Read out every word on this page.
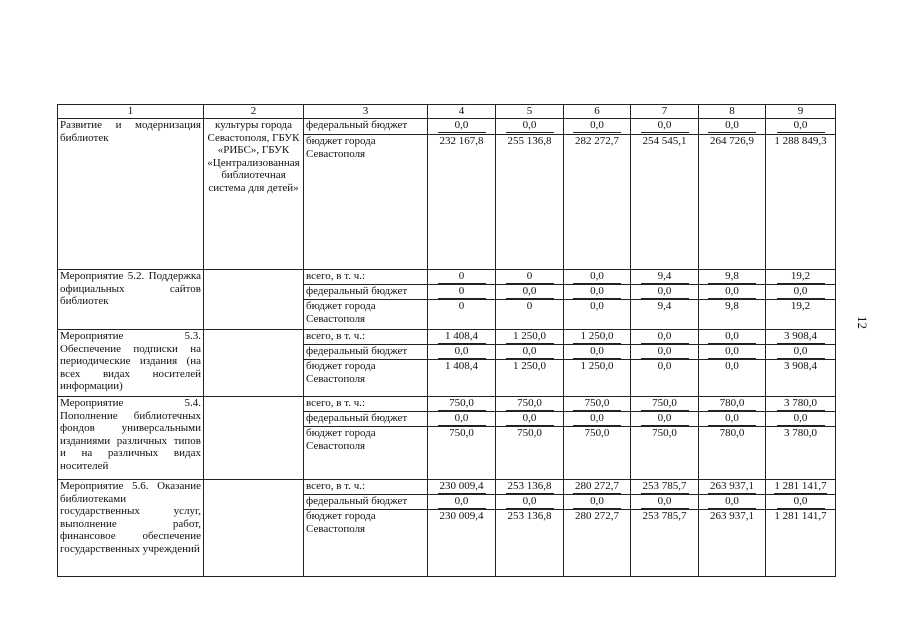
12
1	2	3	4	5	6	7	8	9
Развитие и модернизация библиотек	культуры города Севастополя, ГБУК «РИБС», ГБУК «Централизованная библиотечная система для детей»	федеральный бюджет	0,0	0,0	0,0	0,0	0,0	0,0
		бюджет города Севастополя	232 167,8	255 136,8	282 272,7	254 545,1	264 726,9	1 288 849,3
Мероприятие 5.2. Поддержка официальных сайтов библиотек		всего, в т. ч.:	0	0	0,0	9,4	9,8	19,2
		федеральный бюджет	0	0,0	0,0	0,0	0,0	0,0
		бюджет города Севастополя	0	0	0,0	9,4	9,8	19,2
Мероприятие 5.3. Обеспечение подписки на периодические издания (на всех видах носителей информации)		всего, в т. ч.:	1 408,4	1 250,0	1 250,0	0,0	0,0	3 908,4
		федеральный бюджет	0,0	0,0	0,0	0,0	0,0	0,0
		бюджет города Севастополя	1 408,4	1 250,0	1 250,0	0,0	0,0	3 908,4
Мероприятие 5.4. Пополнение библиотечных фондов универсальными изданиями различных типов и на различных видах носителей		всего, в т. ч.:	750,0	750,0	750,0	750,0	780,0	3 780,0
		федеральный бюджет	0,0	0,0	0,0	0,0	0,0	0,0
		бюджет города Севастополя	750,0	750,0	750,0	750,0	780,0	3 780,0
Мероприятие 5.6. Оказание библиотеками государственных услуг, выполнение работ, финансовое обеспечение государственных учреждений		всего, в т. ч.:	230 009,4	253 136,8	280 272,7	253 785,7	263 937,1	1 281 141,7
		федеральный бюджет	0,0	0,0	0,0	0,0	0,0	0,0
		бюджет города Севастополя	230 009,4	253 136,8	280 272,7	253 785,7	263 937,1	1 281 141,7
